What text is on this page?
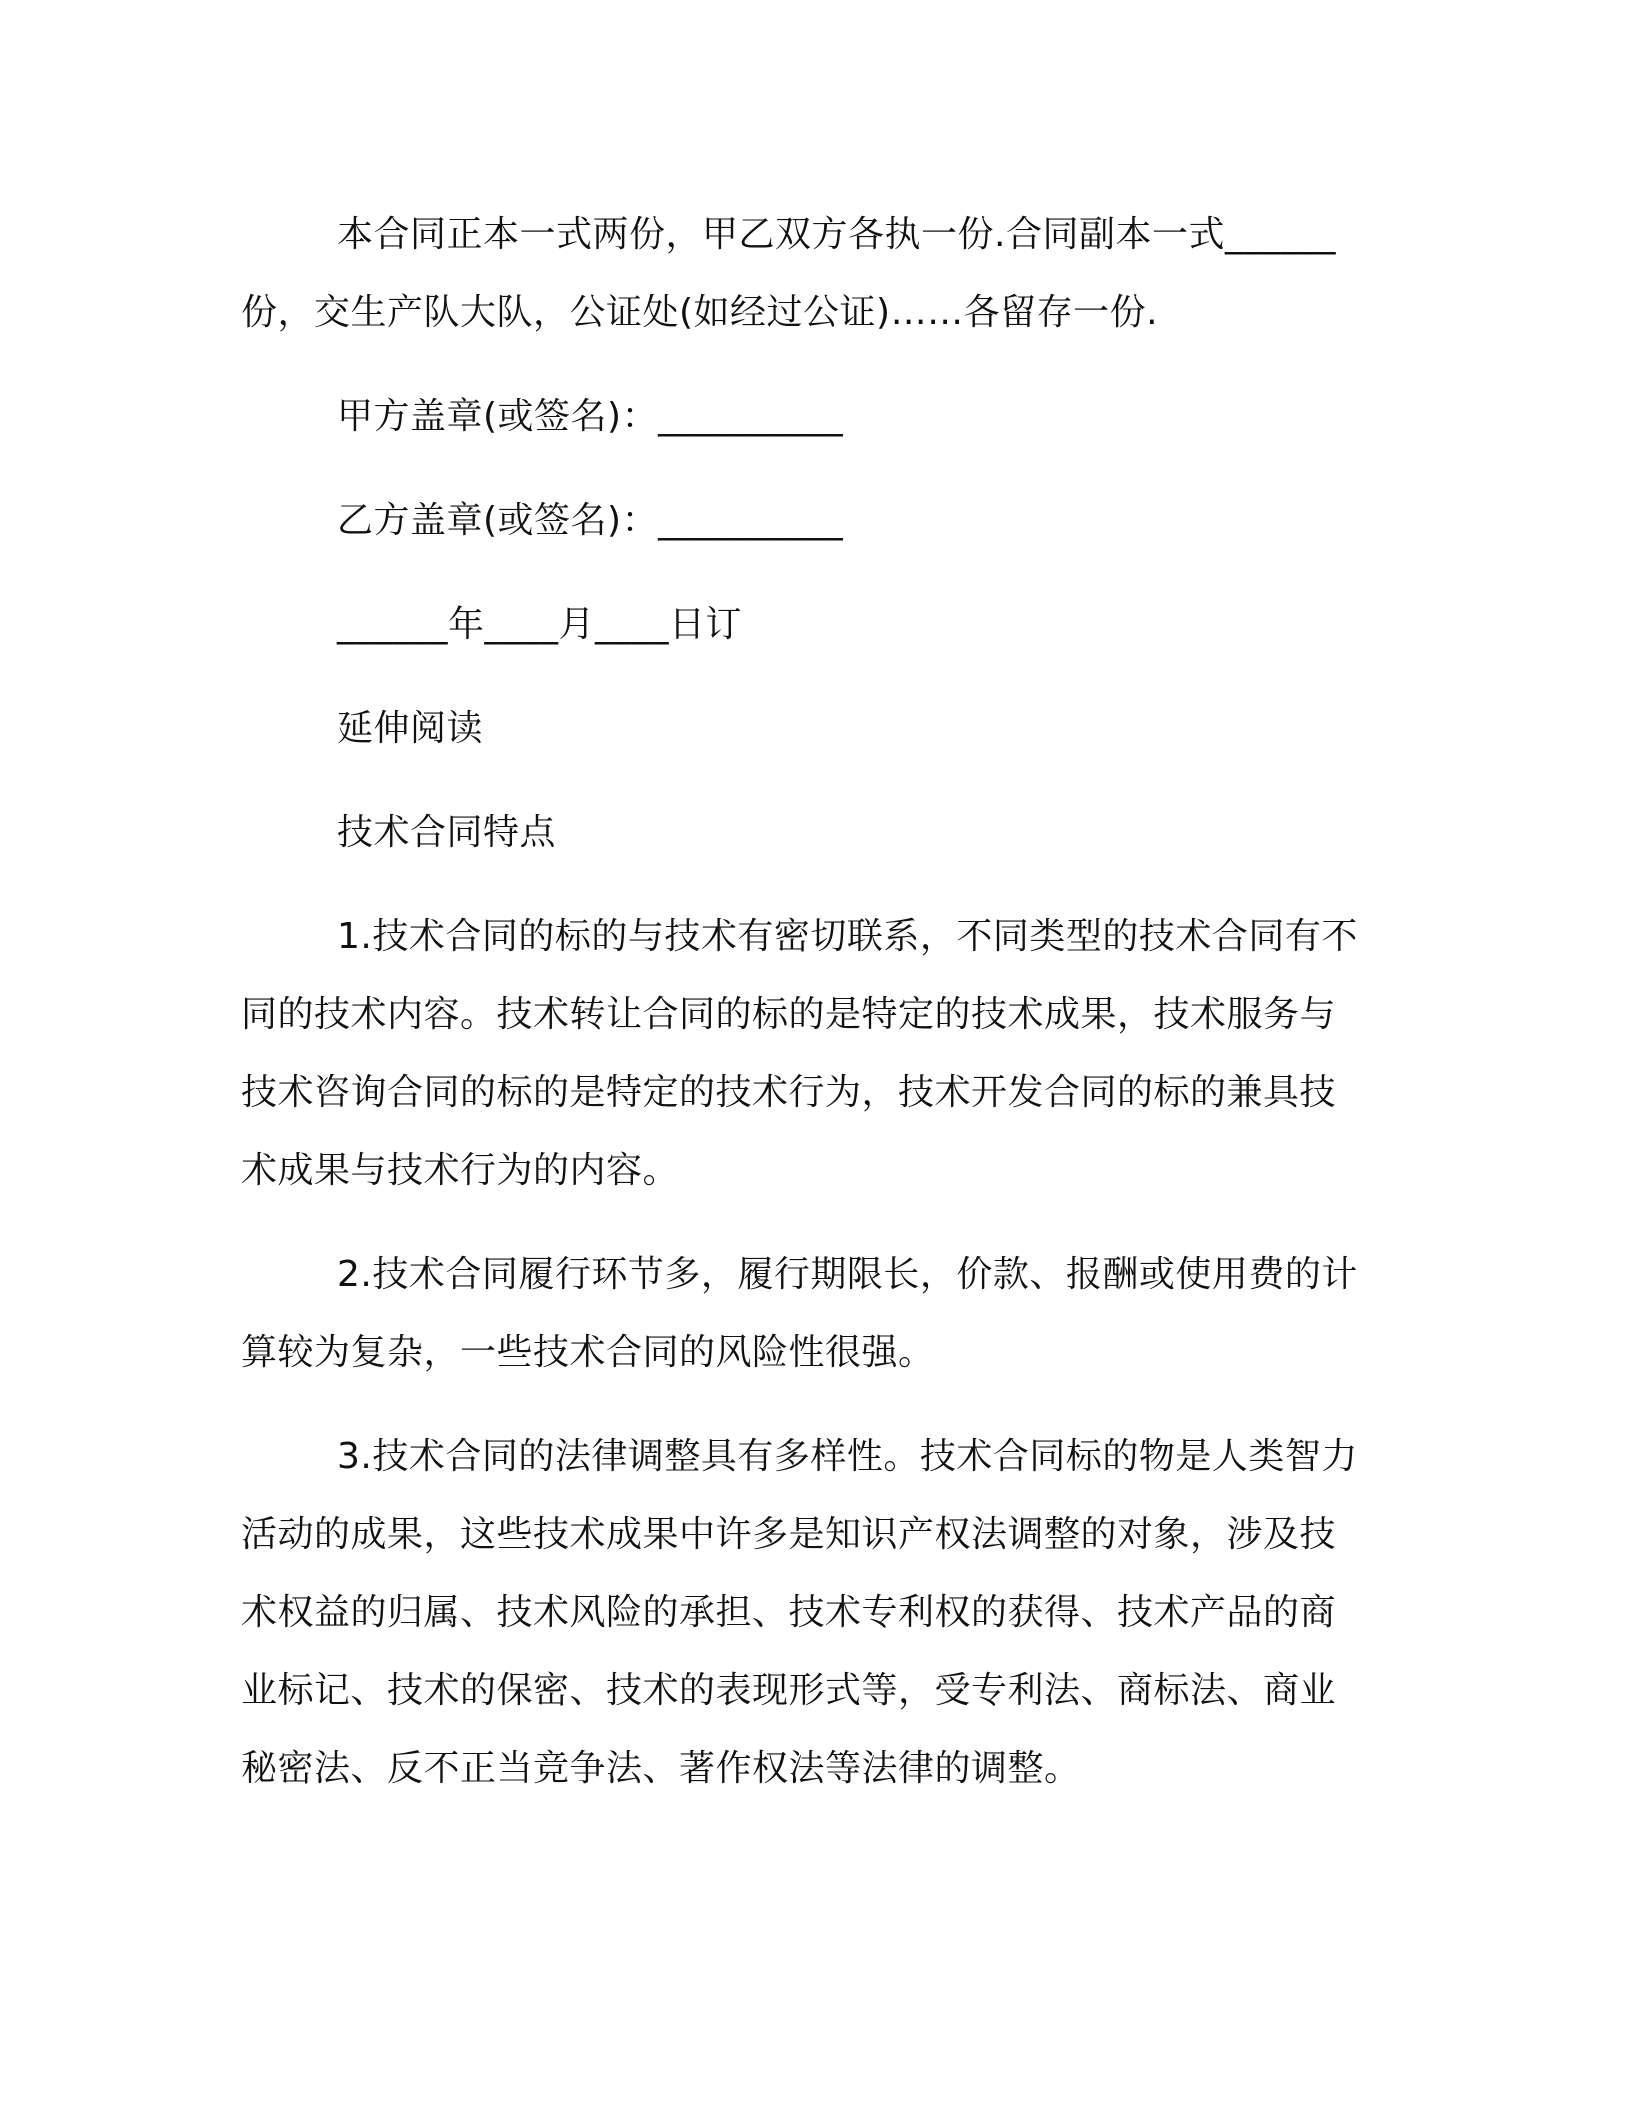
本合同正本一式两份，甲乙双方各执一份.合同副本一式______
份，交生产队大队，公证处(如经过公证)……各留存一份.

甲方盖章(或签名)：__________

乙方盖章(或签名)：__________

______年____月____日订

延伸阅读

技术合同特点

1.技术合同的标的与技术有密切联系，不同类型的技术合同有不
同的技术内容。技术转让合同的标的是特定的技术成果，技术服务与
技术咨询合同的标的是特定的技术行为，技术开发合同的标的兼具技
术成果与技术行为的内容。

2.技术合同履行环节多，履行期限长，价款、报酬或使用费的计
算较为复杂，一些技术合同的风险性很强。

3.技术合同的法律调整具有多样性。技术合同标的物是人类智力
活动的成果，这些技术成果中许多是知识产权法调整的对象，涉及技
术权益的归属、技术风险的承担、技术专利权的获得、技术产品的商
业标记、技术的保密、技术的表现形式等，受专利法、商标法、商业
秘密法、反不正当竞争法、著作权法等法律的调整。
